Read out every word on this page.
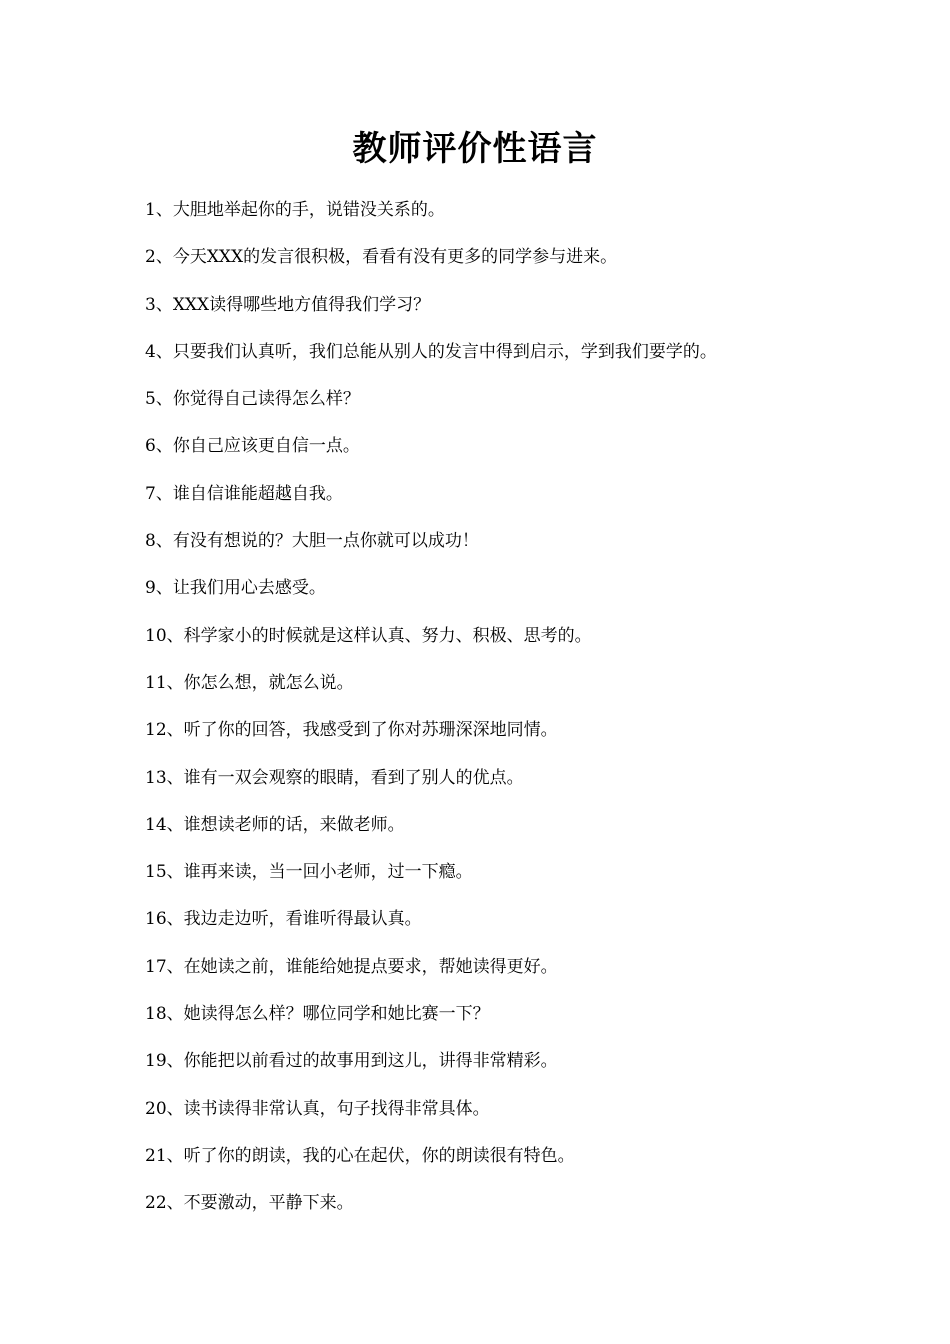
教师评价性语言
1、大胆地举起你的手，说错没关系的。
2、今天XXX的发言很积极，看看有没有更多的同学参与进来。
3、XXX读得哪些地方值得我们学习？
4、只要我们认真听，我们总能从别人的发言中得到启示，学到我们要学的。
5、你觉得自己读得怎么样？
6、你自己应该更自信一点。
7、谁自信谁能超越自我。
8、有没有想说的？大胆一点你就可以成功！
9、让我们用心去感受。
10、科学家小的时候就是这样认真、努力、积极、思考的。
11、你怎么想，就怎么说。
12、听了你的回答，我感受到了你对苏珊深深地同情。
13、谁有一双会观察的眼睛，看到了别人的优点。
14、谁想读老师的话，来做老师。
15、谁再来读，当一回小老师，过一下瘾。
16、我边走边听，看谁听得最认真。
17、在她读之前，谁能给她提点要求，帮她读得更好。
18、她读得怎么样？哪位同学和她比赛一下？
19、你能把以前看过的故事用到这儿，讲得非常精彩。
20、读书读得非常认真，句子找得非常具体。
21、听了你的朗读，我的心在起伏，你的朗读很有特色。
22、不要激动，平静下来。
